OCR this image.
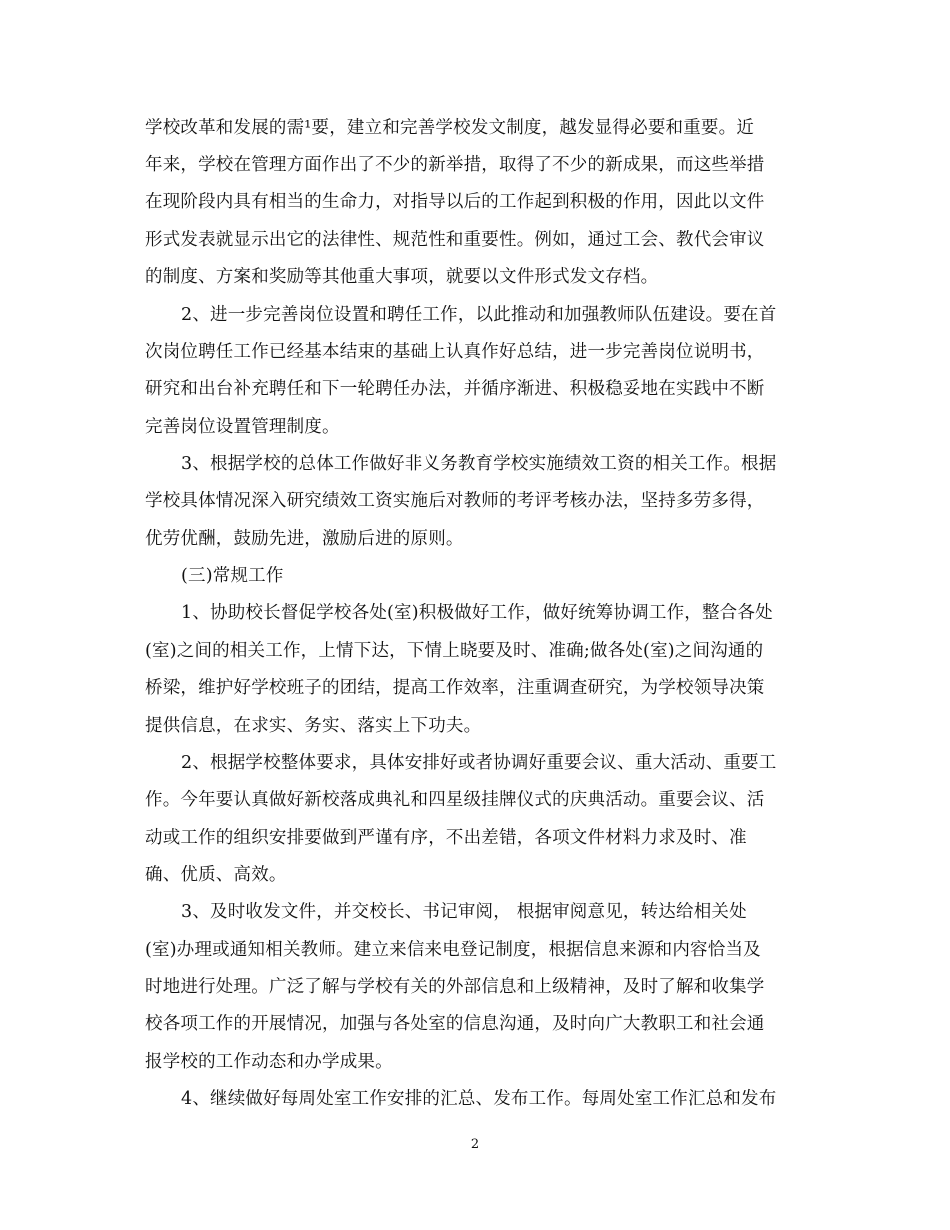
学校改革和发展的需¹要，建立和完善学校发文制度，越发显得必要和重要。近
年来，学校在管理方面作出了不少的新举措，取得了不少的新成果，而这些举措
在现阶段内具有相当的生命力，对指导以后的工作起到积极的作用，因此以文件
形式发表就显示出它的法律性、规范性和重要性。例如，通过工会、教代会审议
的制度、方案和奖励等其他重大事项，就要以文件形式发文存档。
2、进一步完善岗位设置和聘任工作，以此推动和加强教师队伍建设。要在首
次岗位聘任工作已经基本结束的基础上认真作好总结，进一步完善岗位说明书，
研究和出台补充聘任和下一轮聘任办法，并循序渐进、积极稳妥地在实践中不断
完善岗位设置管理制度。
3、根据学校的总体工作做好非义务教育学校实施绩效工资的相关工作。根据
学校具体情况深入研究绩效工资实施后对教师的考评考核办法，坚持多劳多得，
优劳优酬，鼓励先进，激励后进的原则。
(三)常规工作
1、协助校长督促学校各处(室)积极做好工作，做好统筹协调工作，整合各处
(室)之间的相关工作，上情下达，下情上晓要及时、准确;做各处(室)之间沟通的
桥梁，维护好学校班子的团结，提高工作效率，注重调查研究，为学校领导决策
提供信息，在求实、务实、落实上下功夫。
2、根据学校整体要求，具体安排好或者协调好重要会议、重大活动、重要工
作。今年要认真做好新校落成典礼和四星级挂牌仪式的庆典活动。重要会议、活
动或工作的组织安排要做到严谨有序，不出差错，各项文件材料力求及时、准
确、优质、高效。
3、及时收发文件，并交校长、书记审阅， 根据审阅意见，转达给相关处
(室)办理或通知相关教师。建立来信来电登记制度，根据信息来源和内容恰当及
时地进行处理。广泛了解与学校有关的外部信息和上级精神，及时了解和收集学
校各项工作的开展情况，加强与各处室的信息沟通，及时向广大教职工和社会通
报学校的工作动态和办学成果。
4、继续做好每周处室工作安排的汇总、发布工作。每周处室工作汇总和发布
2
